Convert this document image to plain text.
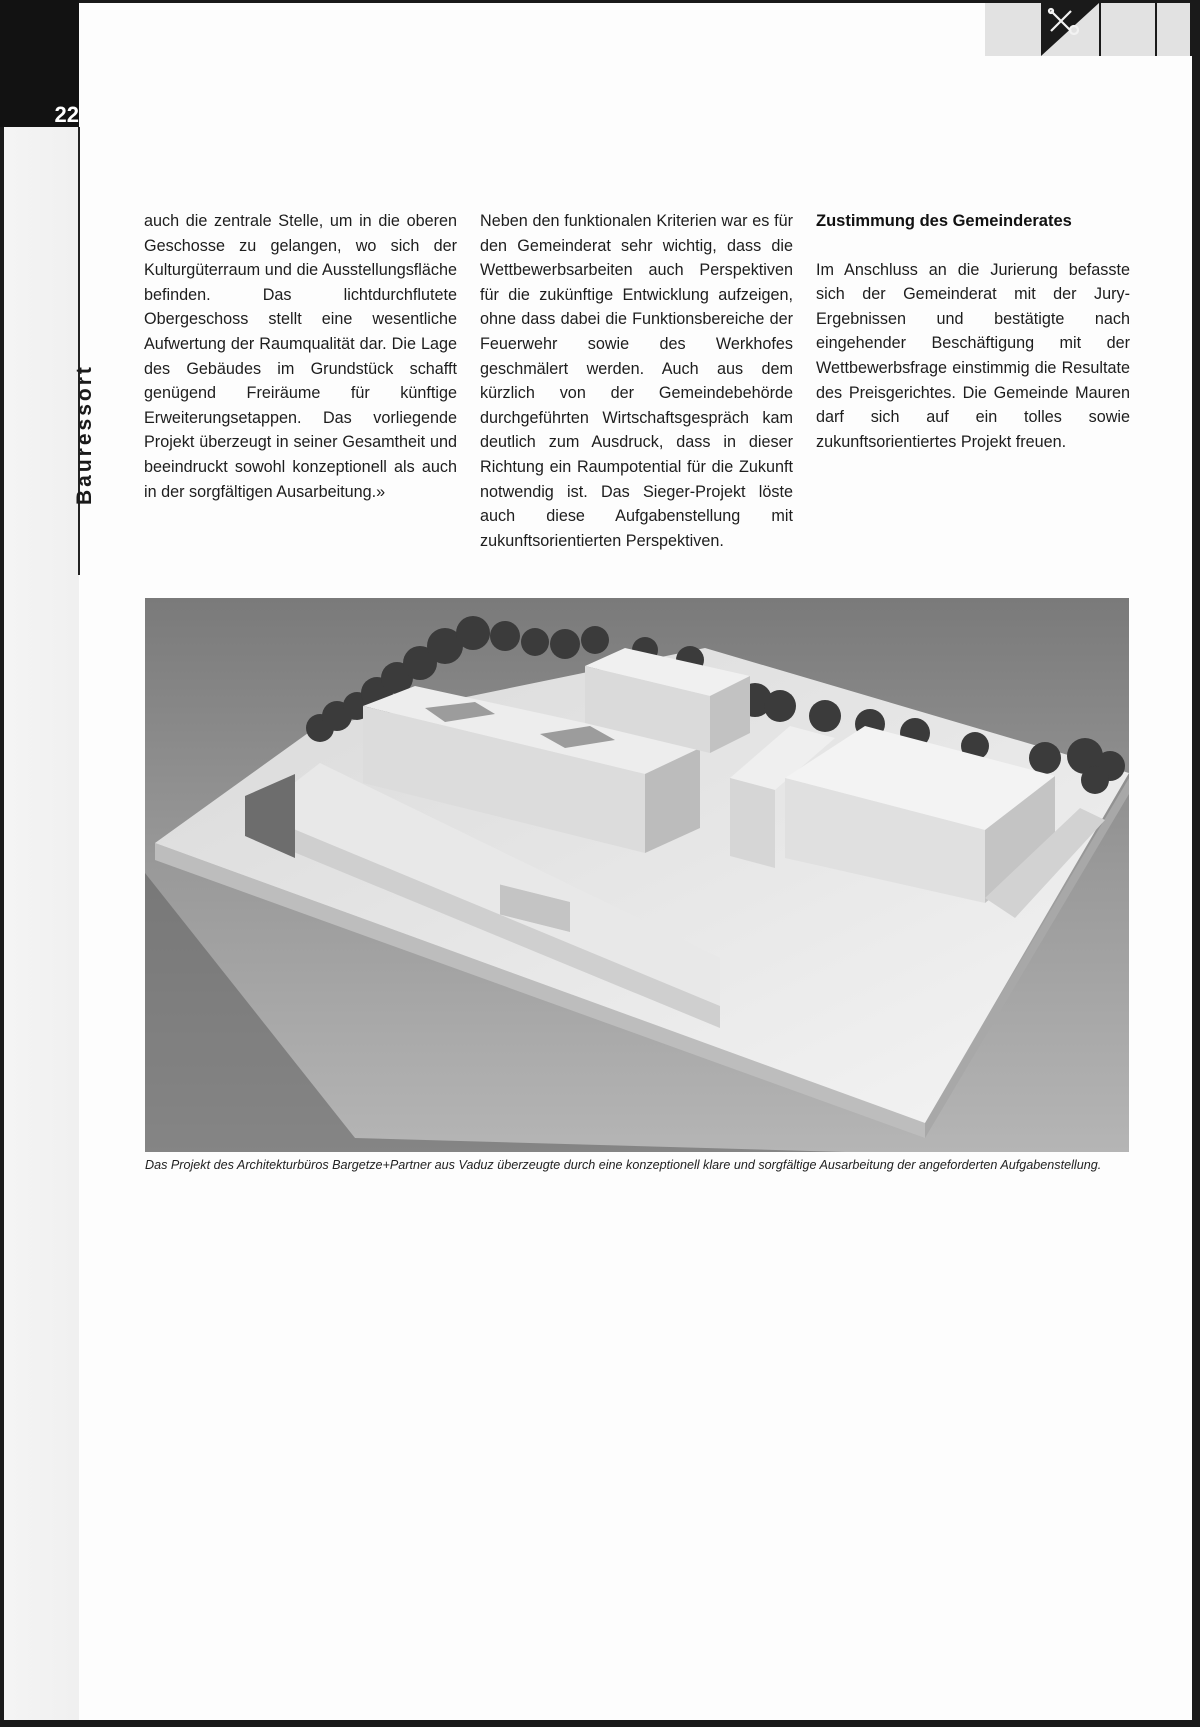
22
Bauressort
auch die zentrale Stelle, um in die oberen Geschosse zu gelangen, wo sich der Kulturgüterraum und die Ausstellungsfläche befinden. Das lichtdurchflutete Obergeschoss stellt eine wesentliche Aufwertung der Raumqualität dar. Die Lage des Gebäudes im Grundstück schafft genügend Freiräume für künftige Erweiterungsetappen. Das vorliegende Projekt überzeugt in seiner Gesamtheit und beeindruckt sowohl konzeptionell als auch in der sorgfältigen Ausarbeitung.»
Neben den funktionalen Kriterien war es für den Gemeinderat sehr wichtig, dass die Wettbewerbsarbeiten auch Perspektiven für die zukünftige Entwicklung aufzeigen, ohne dass dabei die Funktionsbereiche der Feuerwehr sowie des Werkhofes geschmälert werden. Auch aus dem kürzlich von der Gemeindebehörde durchgeführten Wirtschaftsgespräch kam deutlich zum Ausdruck, dass in dieser Richtung ein Raumpotential für die Zukunft notwendig ist. Das Sieger-Projekt löste auch diese Aufgabenstellung mit zukunftsorientierten Perspektiven.
Zustimmung des Gemeinderates
Im Anschluss an die Jurierung befasste sich der Gemeinderat mit der Jury-Ergebnissen und bestätigte nach eingehender Beschäftigung mit der Wettbewerbsfrage einstimmig die Resultate des Preisgerichtes. Die Gemeinde Mauren darf sich auf ein tolles sowie zukunftsorientiertes Projekt freuen.
Das Projekt des Architekturbüros Bargetze+Partner aus Vaduz überzeugte durch eine konzeptionell klare und sorgfältige Ausarbeitung der angeforderten Aufgabenstellung.
